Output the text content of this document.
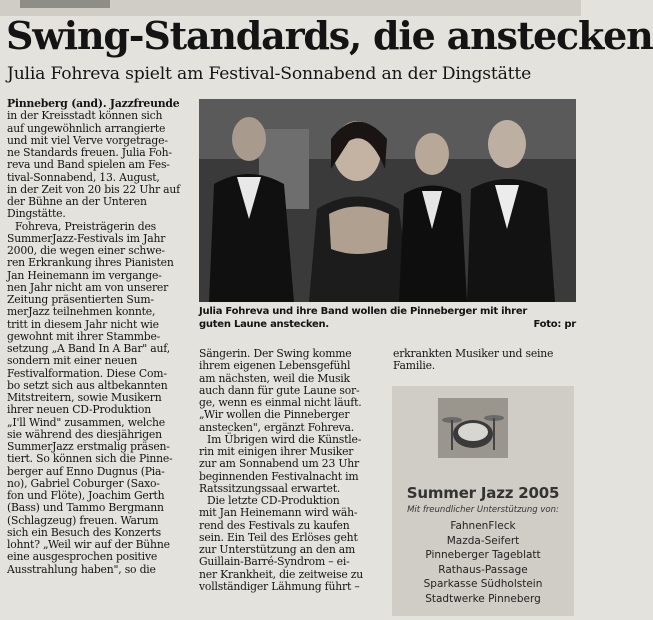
Swing-Standards, die anstecken
Julia Fohreva spielt am Festival-Sonnabend an der Dingstätte

Pinneberg (and). Jazzfreunde

in der Kreisstadt können sich

auf ungewöhnlich arrangierte

und mit viel Verve vorgetrage-

ne Standards freuen. Julia Foh-

reva und Band spielen am Fes-

tival-Sonnabend, 13. August,

in der Zeit von 20 bis 22 Uhr auf

der Bühne an der Unteren

Dingstätte.

Fohreva, Preisträgerin des

SummerJazz-Festivals im Jahr

2000, die wegen einer schwe-

ren Erkrankung ihres Pianisten

Jan Heinemann im vergange-

nen Jahr nicht am von unserer

Zeitung präsentierten Sum-

merJazz teilnehmen konnte,

tritt in diesem Jahr nicht wie

gewohnt mit ihrer Stammbe-

setzung „A Band In A Bar" auf,

sondern mit einer neuen

Festivalformation. Diese Com-

bo setzt sich aus altbekannten

Mitstreitern, sowie Musikern

ihrer neuen CD-Produktion

„I'll Wind" zusammen, welche

sie während des diesjährigen

SummerJazz erstmalig präsen-

tiert. So können sich die Pinne-

berger auf Enno Dugnus (Pia-

no), Gabriel Coburger (Saxo-

fon und Flöte), Joachim Gerth

(Bass) und Tammo Bergmann

(Schlagzeug) freuen. Warum

sich ein Besuch des Konzerts

lohnt? „Weil wir auf der Bühne

eine ausgesprochen positive

Ausstrahlung haben", so die

Julia Fohreva und ihre Band wollen die Pinneberger mit ihrer
guten Laune anstecken.	Foto: pr

Sängerin. Der Swing komme

ihrem eigenen Lebensgefühl

am nächsten, weil die Musik

auch dann für gute Laune sor-

ge, wenn es einmal nicht läuft.

„Wir wollen die Pinneberger

anstecken", ergänzt Fohreva.

Im Übrigen wird die Künstle-

rin mit einigen ihrer Musiker

zur am Sonnabend um 23 Uhr

beginnenden Festivalnacht im

Ratssitzungssaal erwartet.

Die letzte CD-Produktion

mit Jan Heinemann wird wäh-

rend des Festivals zu kaufen

sein. Ein Teil des Erlöses geht

zur Unterstützung an den am

Guillain-Barré-Syndrom – ei-

ner Krankheit, die zeitweise zu

vollständiger Lähmung führt –

erkrankten Musiker und seine

Familie.

Summer Jazz 2005
Mit freundlicher Unterstützung von:
FahnenFleck
Mazda-Seifert
Pinneberger Tageblatt
Rathaus-Passage
Sparkasse Südholstein
Stadtwerke Pinneberg
